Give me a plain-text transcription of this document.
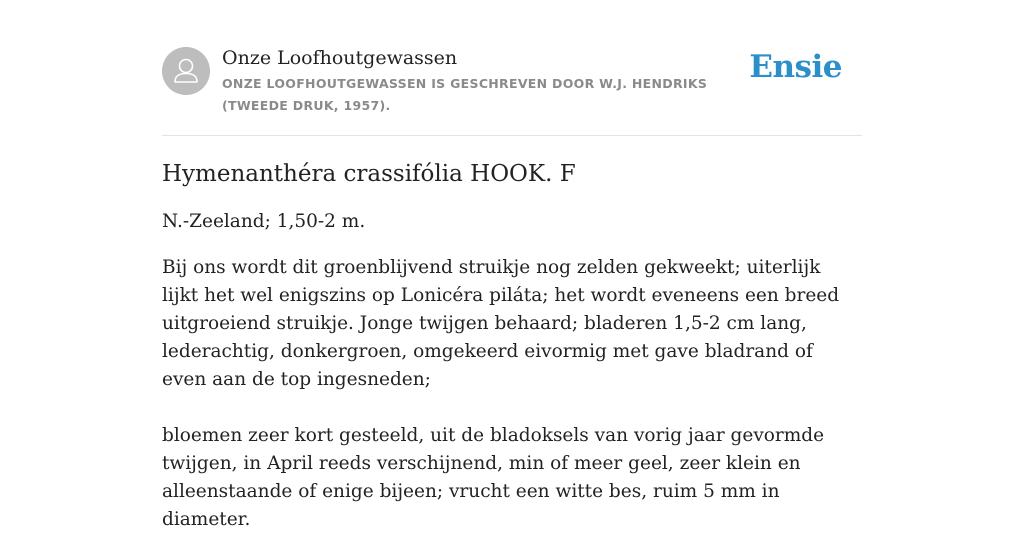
Onze Loofhoutgewassen

ONZE LOOFHOUTGEWASSEN IS GESCHREVEN DOOR W.J. HENDRIKS (TWEEDE DRUK, 1957).

Ensie
Hymenanthéra crassifólia HOOK. F

N.-Zeeland; 1,50-2 m.

Bij ons wordt dit groenblijvend struikje nog zelden gekweekt; uiterlijk lijkt het wel enigszins op Lonicéra piláta; het wordt eveneens een breed uitgroeiend struikje. Jonge twijgen behaard; bladeren 1,5-2 cm lang, lederachtig, donkergroen, omgekeerd eivormig met gave bladrand of even aan de top ingesneden;

bloemen zeer kort gesteeld, uit de bladoksels van vorig jaar gevormde twijgen, in April reeds verschijnend, min of meer geel, zeer klein en alleenstaande of enige bijeen; vrucht een witte bes, ruim 5 mm in diameter.
